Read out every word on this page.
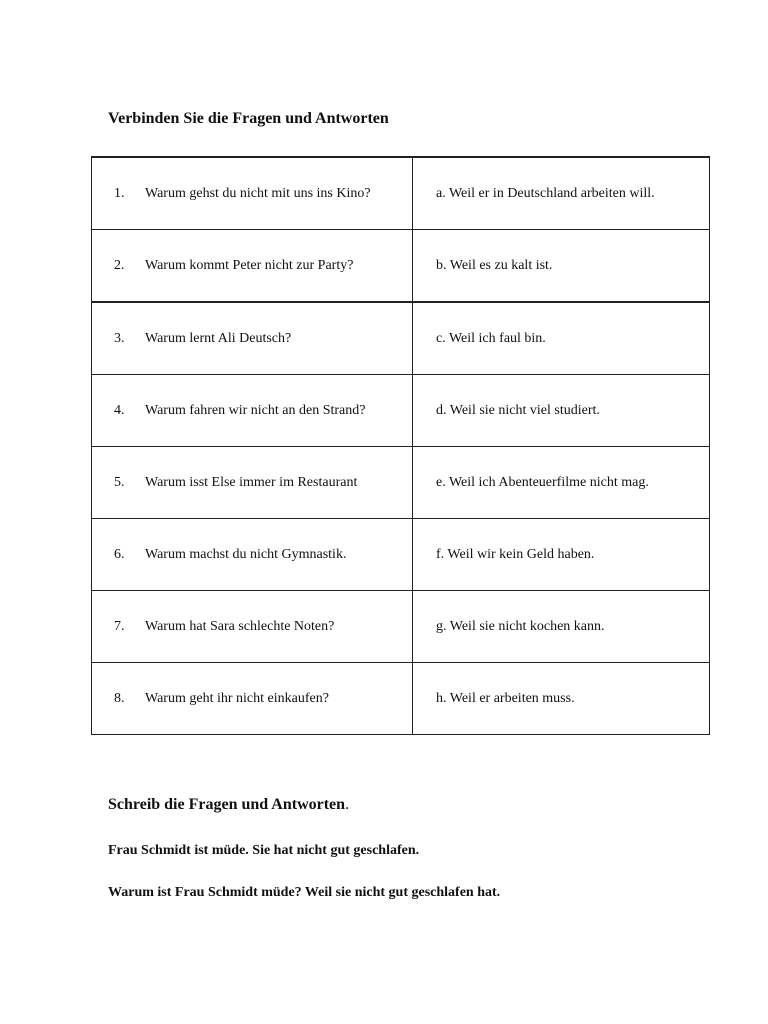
Verbinden Sie die Fragen und Antworten
1. Warum gehst du nicht mit uns ins Kino?	a. Weil er in Deutschland arbeiten will.
2. Warum kommt Peter nicht zur Party?	b. Weil es zu kalt ist.
3. Warum lernt Ali Deutsch?	c. Weil ich faul bin.
4. Warum fahren wir nicht an den Strand?	d. Weil sie nicht viel studiert.
5. Warum isst Else immer im Restaurant	e. Weil ich Abenteuerfilme nicht mag.
6. Warum machst du nicht Gymnastik.	f. Weil wir kein Geld haben.
7. Warum hat Sara schlechte Noten?	g. Weil sie nicht kochen kann.
8. Warum geht ihr nicht einkaufen?	h. Weil er arbeiten muss.
Schreib die Fragen und Antworten.

Frau Schmidt ist müde. Sie hat nicht gut geschlafen.

Warum ist Frau Schmidt müde? Weil sie nicht gut geschlafen hat.
